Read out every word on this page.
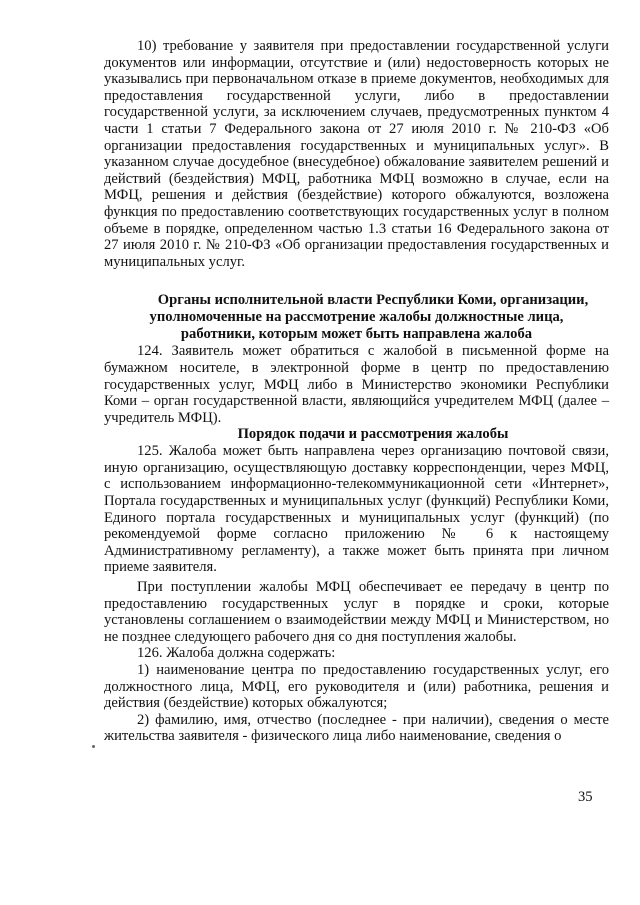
10) требование у заявителя при предоставлении государственной услуги документов или информации, отсутствие и (или) недостоверность которых не указывались при первоначальном отказе в приеме документов, необходимых для предоставления государственной услуги, либо в предоставлении государственной услуги, за исключением случаев, предусмотренных пунктом 4 части 1 статьи 7 Федерального закона от 27 июля 2010 г. № 210-ФЗ «Об организации предоставления государственных и муниципальных услуг». В указанном случае досудебное (внесудебное) обжалование заявителем решений и действий (бездействия) МФЦ, работника МФЦ возможно в случае, если на МФЦ, решения и действия (бездействие) которого обжалуются, возложена функция по предоставлению соответствующих государственных услуг в полном объеме в порядке, определенном частью 1.3 статьи 16 Федерального закона от 27 июля 2010 г. № 210-ФЗ «Об организации предоставления государственных и муниципальных услуг.

Органы исполнительной власти Республики Коми, организации, уполномоченные на рассмотрение жалобы должностные лица, работники, которым может быть направлена жалоба

124. Заявитель может обратиться с жалобой в письменной форме на бумажном носителе, в электронной форме в центр по предоставлению государственных услуг, МФЦ либо в Министерство экономики Республики Коми – орган государственной власти, являющийся учредителем МФЦ (далее – учредитель МФЦ).

Порядок подачи и рассмотрения жалобы

125. Жалоба может быть направлена через организацию почтовой связи, иную организацию, осуществляющую доставку корреспонденции, через МФЦ, с использованием информационно-телекоммуникационной сети «Интернет», Портала государственных и муниципальных услуг (функций) Республики Коми, Единого портала государственных и муниципальных услуг (функций) (по рекомендуемой форме согласно приложению № 6 к настоящему Административному регламенту), а также может быть принята при личном приеме заявителя.

При поступлении жалобы МФЦ обеспечивает ее передачу в центр по предоставлению государственных услуг в порядке и сроки, которые установлены соглашением о взаимодействии между МФЦ и Министерством, но не позднее следующего рабочего дня со дня поступления жалобы.

126. Жалоба должна содержать:

1) наименование центра по предоставлению государственных услуг, его должностного лица, МФЦ, его руководителя и (или) работника, решения и действия (бездействие) которых обжалуются;

2) фамилию, имя, отчество (последнее - при наличии), сведения о месте жительства заявителя - физического лица либо наименование, сведения о

35
